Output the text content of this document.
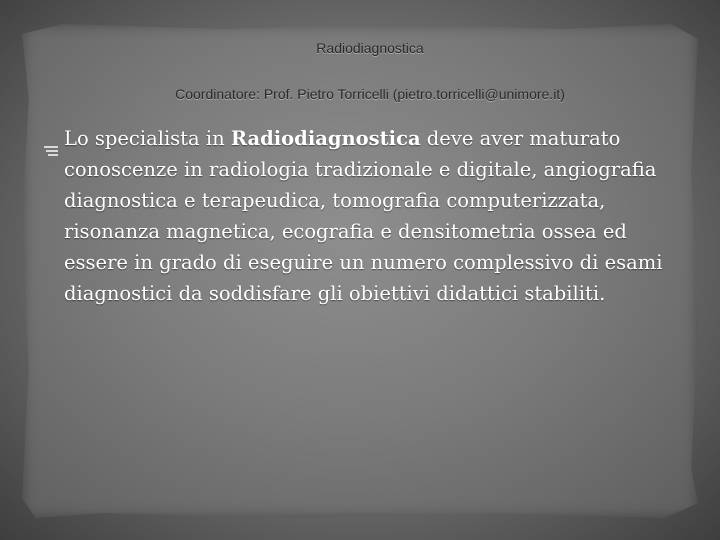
Radiodiagnostica
Coordinatore: Prof. Pietro Torricelli (pietro.torricelli@unimore.it)
Lo specialista in Radiodiagnostica deve aver maturato conoscenze in radiologia tradizionale e digitale, angiografia diagnostica e terapeudica, tomografia computerizzata, risonanza magnetica, ecografia e densitometria ossea ed essere in grado di eseguire un numero complessivo di esami diagnostici da soddisfare gli obiettivi didattici stabiliti.
